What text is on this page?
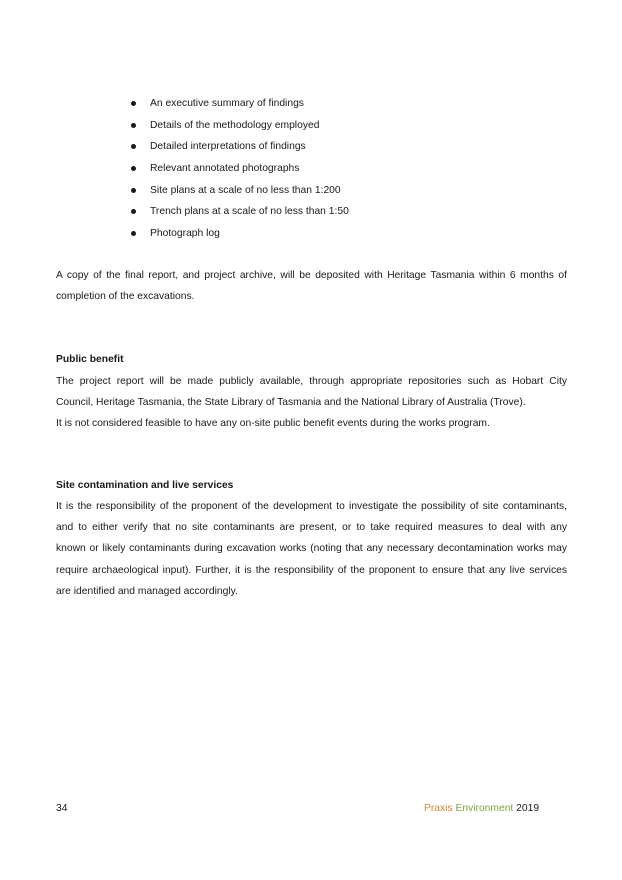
An executive summary of findings
Details of the methodology employed
Detailed interpretations of findings
Relevant annotated photographs
Site plans at a scale of no less than 1:200
Trench plans at a scale of no less than 1:50
Photograph log

A copy of the final report, and project archive, will be deposited with Heritage Tasmania within 6 months of
completion of the excavations.

Public benefit

The project report will be made publicly available, through appropriate repositories such as Hobart City
Council, Heritage Tasmania, the State Library of Tasmania and the National Library of Australia (Trove).
It is not considered feasible to have any on-site public benefit events during the works program.

Site contamination and live services

It is the responsibility of the proponent of the development to investigate the possibility of site contaminants,
and to either verify that no site contaminants are present, or to take required measures to deal with any
known or likely contaminants during excavation works (noting that any necessary decontamination works may
require archaeological input). Further, it is the responsibility of the proponent to ensure that any live services
are identified and managed accordingly.

34	Praxis Environment 2019
